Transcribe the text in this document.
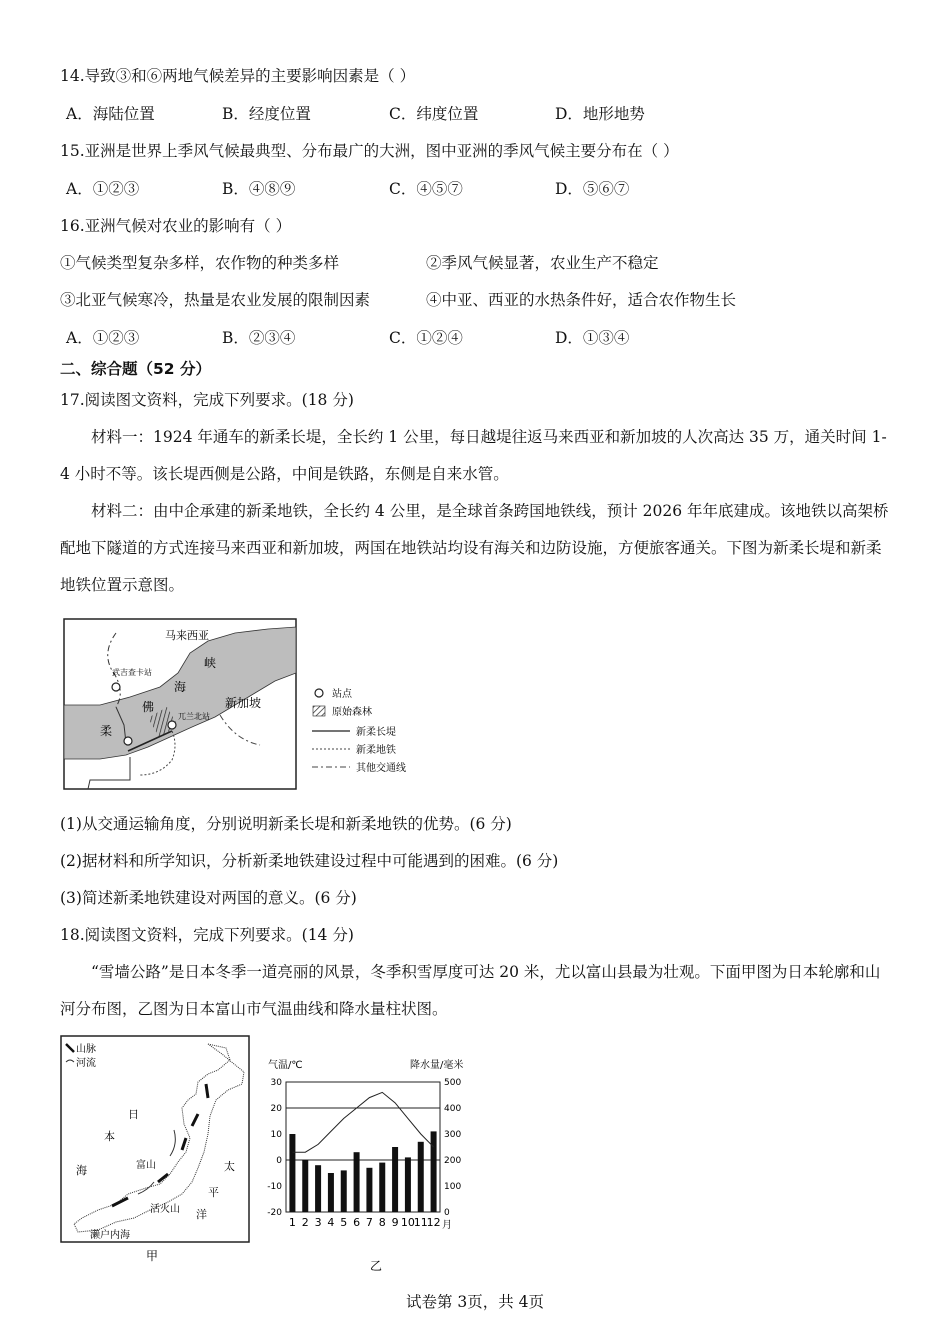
14.导致③和⑥两地气候差异的主要影响因素是（ ）
A．海陆位置	B．经度位置	C．纬度位置	D．地形地势
15.亚洲是世界上季风气候最典型、分布最广的大洲，图中亚洲的季风气候主要分布在（ ）
A．①②③	B．④⑧⑨	C．④⑤⑦	D．⑤⑥⑦
16.亚洲气候对农业的影响有（ ）
①气候类型复杂多样，农作物的种类多样	②季风气候显著，农业生产不稳定
③北亚气候寒冷，热量是农业发展的限制因素	④中亚、西亚的水热条件好，适合农作物生长
A．①②③	B．②③④	C．①②④	D．①③④
二、综合题（52 分）
17.阅读图文资料，完成下列要求。(18 分)
材料一：1924 年通车的新柔长堤，全长约 1 公里，每日越堤往返马来西亚和新加坡的人次高达 35 万，通关时间 1-4 小时不等。该长堤西侧是公路，中间是铁路，东侧是自来水管。
材料二：由中企承建的新柔地铁，全长约 4 公里，是全球首条跨国地铁线，预计 2026 年年底建成。该地铁以高架桥配地下隧道的方式连接马来西亚和新加坡，两国在地铁站均设有海关和边防设施，方便旅客通关。下图为新柔长堤和新柔地铁位置示意图。
马来西亚
武吉查卡站
兀兰北站
柔
佛
海
峡
新加坡
站点
原始森林
新柔长堤
新柔地铁
其他交通线
(1)从交通运输角度，分别说明新柔长堤和新柔地铁的优势。(6 分)
(2)据材料和所学知识，分析新柔地铁建设过程中可能遇到的困难。(6 分)
(3)简述新柔地铁建设对两国的意义。(6 分)
18.阅读图文资料，完成下列要求。(14 分)
“雪墙公路”是日本冬季一道亮丽的风景，冬季积雪厚度可达 20 米，尤以富山县最为壮观。下面甲图为日本轮廓和山河分布图，乙图为日本富山市气温曲线和降水量柱状图。
山脉
河流
日
本
海	富山	太
平
洋
活火山
濑户内海
甲
气温/℃	降水量/毫米
30
20
10
0
-10
-20
500
400
300
200
100
0
1 2 3 4 5 6 7 8 9 10
11
12 月
乙
试卷第 3页，共 4页
